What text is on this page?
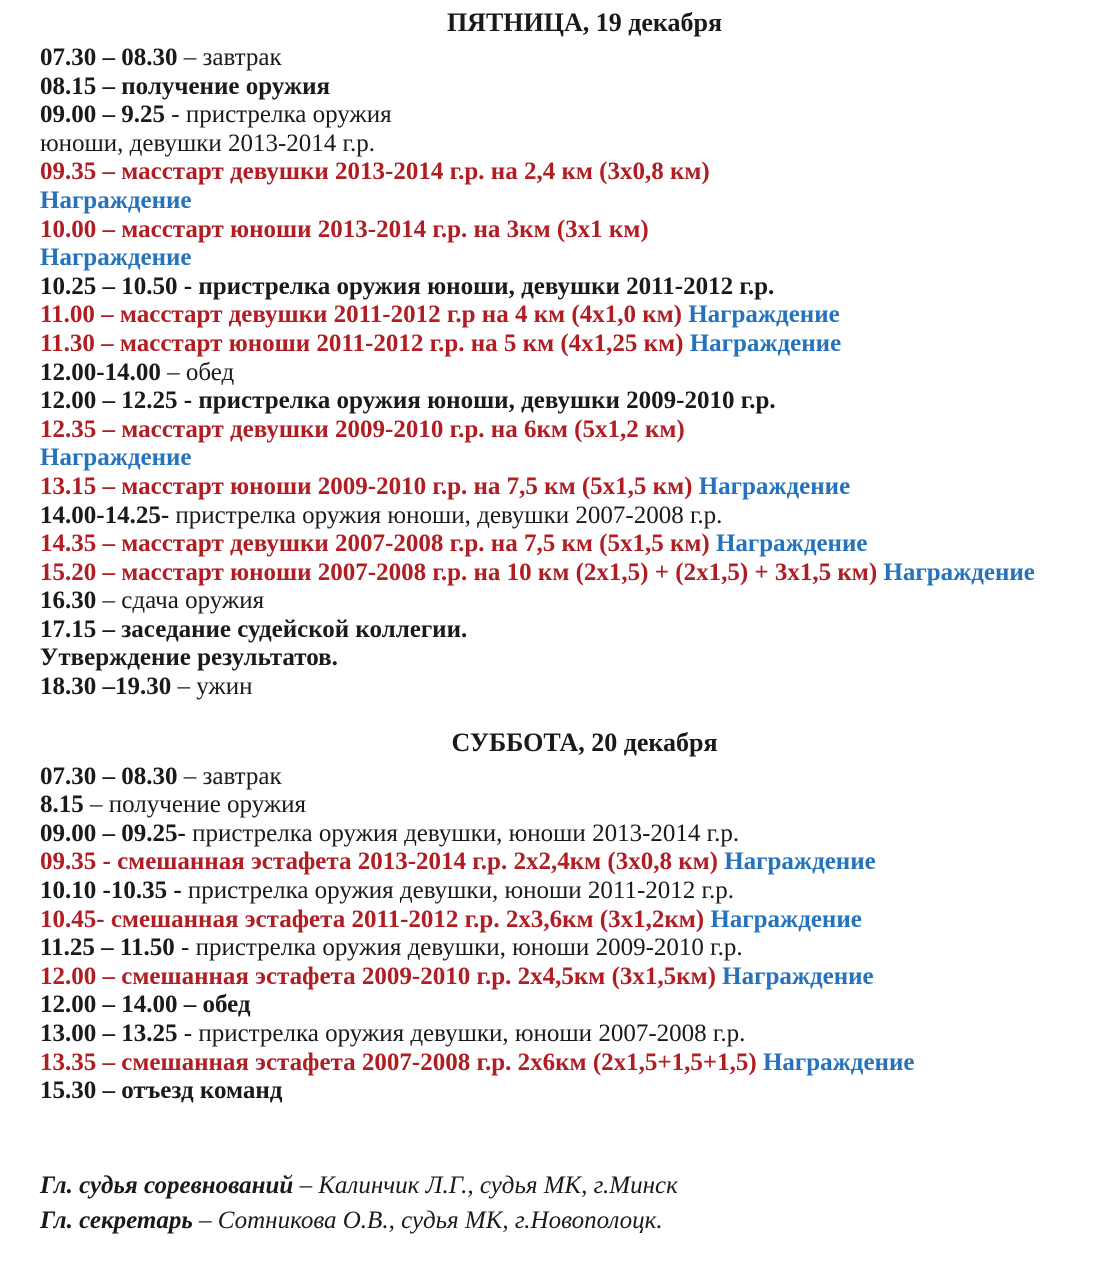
ПЯТНИЦА, 19 декабря
07.30 – 08.30 – завтрак
08.15 – получение оружия
09.00 – 9.25 - пристрелка оружия
юноши, девушки 2013-2014 г.р.
09.35 – масстарт девушки 2013-2014 г.р. на 2,4 км (3х0,8 км)
Награждение
10.00 – масстарт юноши 2013-2014 г.р. на 3км (3х1 км)
Награждение
10.25 – 10.50 - пристрелка оружия юноши, девушки 2011-2012 г.р.
11.00 – масстарт девушки 2011-2012 г.р на 4 км (4х1,0 км) Награждение
11.30 – масстарт юноши 2011-2012 г.р. на 5 км (4х1,25 км) Награждение
12.00-14.00 – обед
12.00 – 12.25 - пристрелка оружия юноши, девушки 2009-2010 г.р.
12.35 – масстарт девушки 2009-2010 г.р. на 6км (5х1,2 км)
Награждение
13.15 – масстарт юноши 2009-2010 г.р. на 7,5 км (5х1,5 км) Награждение
14.00-14.25- пристрелка оружия юноши, девушки 2007-2008 г.р.
14.35 – масстарт девушки 2007-2008 г.р. на 7,5 км (5х1,5 км) Награждение
15.20 – масстарт юноши 2007-2008 г.р. на 10 км (2х1,5) + (2х1,5) + 3х1,5 км) Награждение
16.30 – сдача оружия
17.15 – заседание судейской коллегии.
Утверждение результатов.
18.30 –19.30 – ужин
СУББОТА, 20 декабря
07.30 – 08.30 – завтрак
8.15 – получение оружия
09.00 – 09.25- пристрелка оружия девушки, юноши 2013-2014 г.р.
09.35 - смешанная эстафета 2013-2014 г.р. 2х2,4км (3х0,8 км) Награждение
10.10 -10.35 - пристрелка оружия девушки, юноши 2011-2012 г.р.
10.45- смешанная эстафета 2011-2012 г.р. 2х3,6км (3х1,2км) Награждение
11.25 – 11.50 - пристрелка оружия девушки, юноши 2009-2010 г.р.
12.00 – смешанная эстафета 2009-2010 г.р. 2х4,5км (3х1,5км) Награждение
12.00 – 14.00 – обед
13.00 – 13.25 - пристрелка оружия девушки, юноши 2007-2008 г.р.
13.35 – смешанная эстафета 2007-2008 г.р. 2х6км (2х1,5+1,5+1,5) Награждение
15.30 – отъезд команд
Гл. судья соревнований – Калинчик Л.Г., судья МК, г.Минск
Гл. секретарь – Сотникова О.В., судья МК, г.Новополоцк.
